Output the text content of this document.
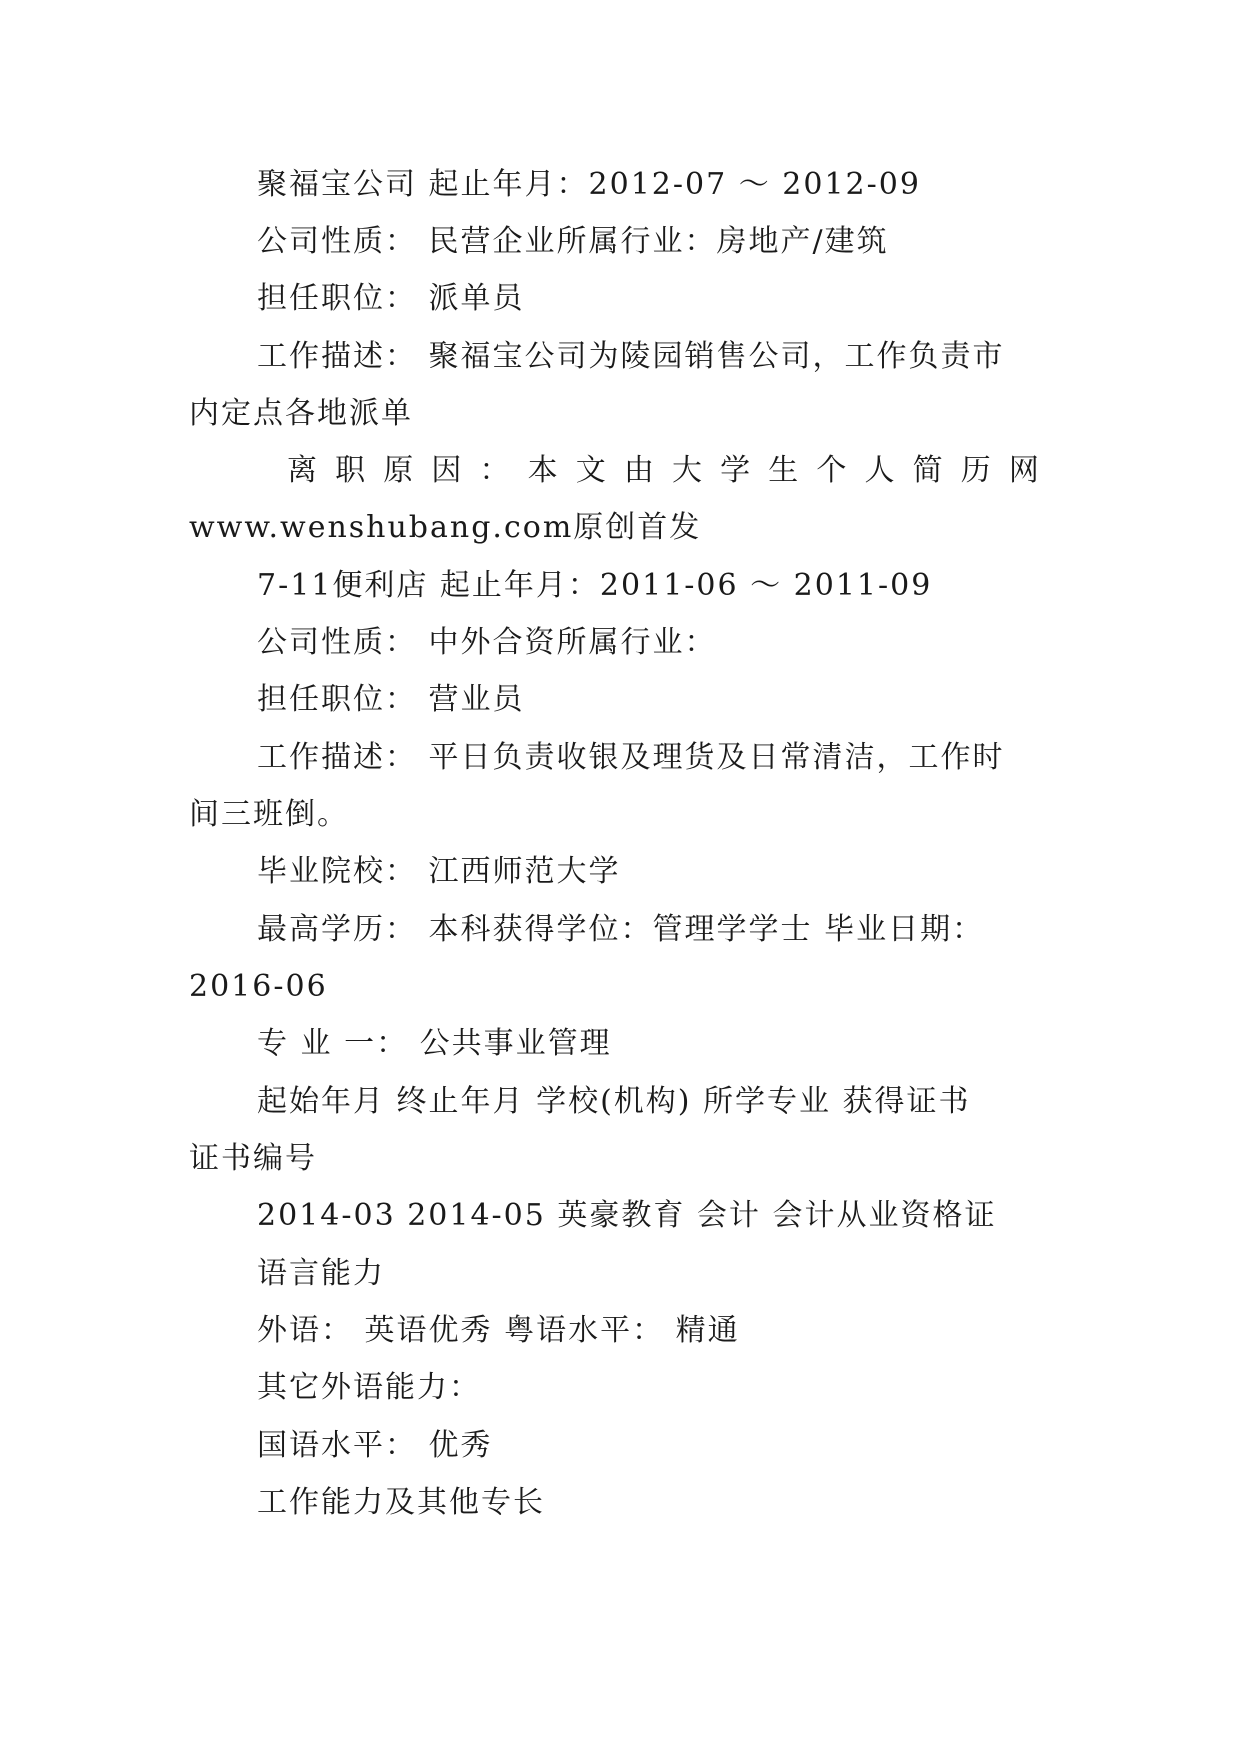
聚福宝公司 起止年月：2012-07 ～ 2012-09
公司性质： 民营企业所属行业：房地产/建筑
担任职位： 派单员
工作描述： 聚福宝公司为陵园销售公司，工作负责市
内定点各地派单
离 职 原 因 ： 本 文 由 大 学 生 个 人 简 历 网
www.wenshubang.com原创首发
7-11便利店 起止年月：2011-06 ～ 2011-09
公司性质： 中外合资所属行业：
担任职位： 营业员
工作描述： 平日负责收银及理货及日常清洁，工作时
间三班倒。
毕业院校： 江西师范大学
最高学历： 本科获得学位：管理学学士 毕业日期：
2016-06
专 业 一： 公共事业管理
起始年月 终止年月 学校(机构) 所学专业 获得证书
证书编号
2014-03 2014-05 英豪教育 会计 会计从业资格证
语言能力
外语： 英语优秀 粤语水平： 精通
其它外语能力：
国语水平： 优秀
工作能力及其他专长
